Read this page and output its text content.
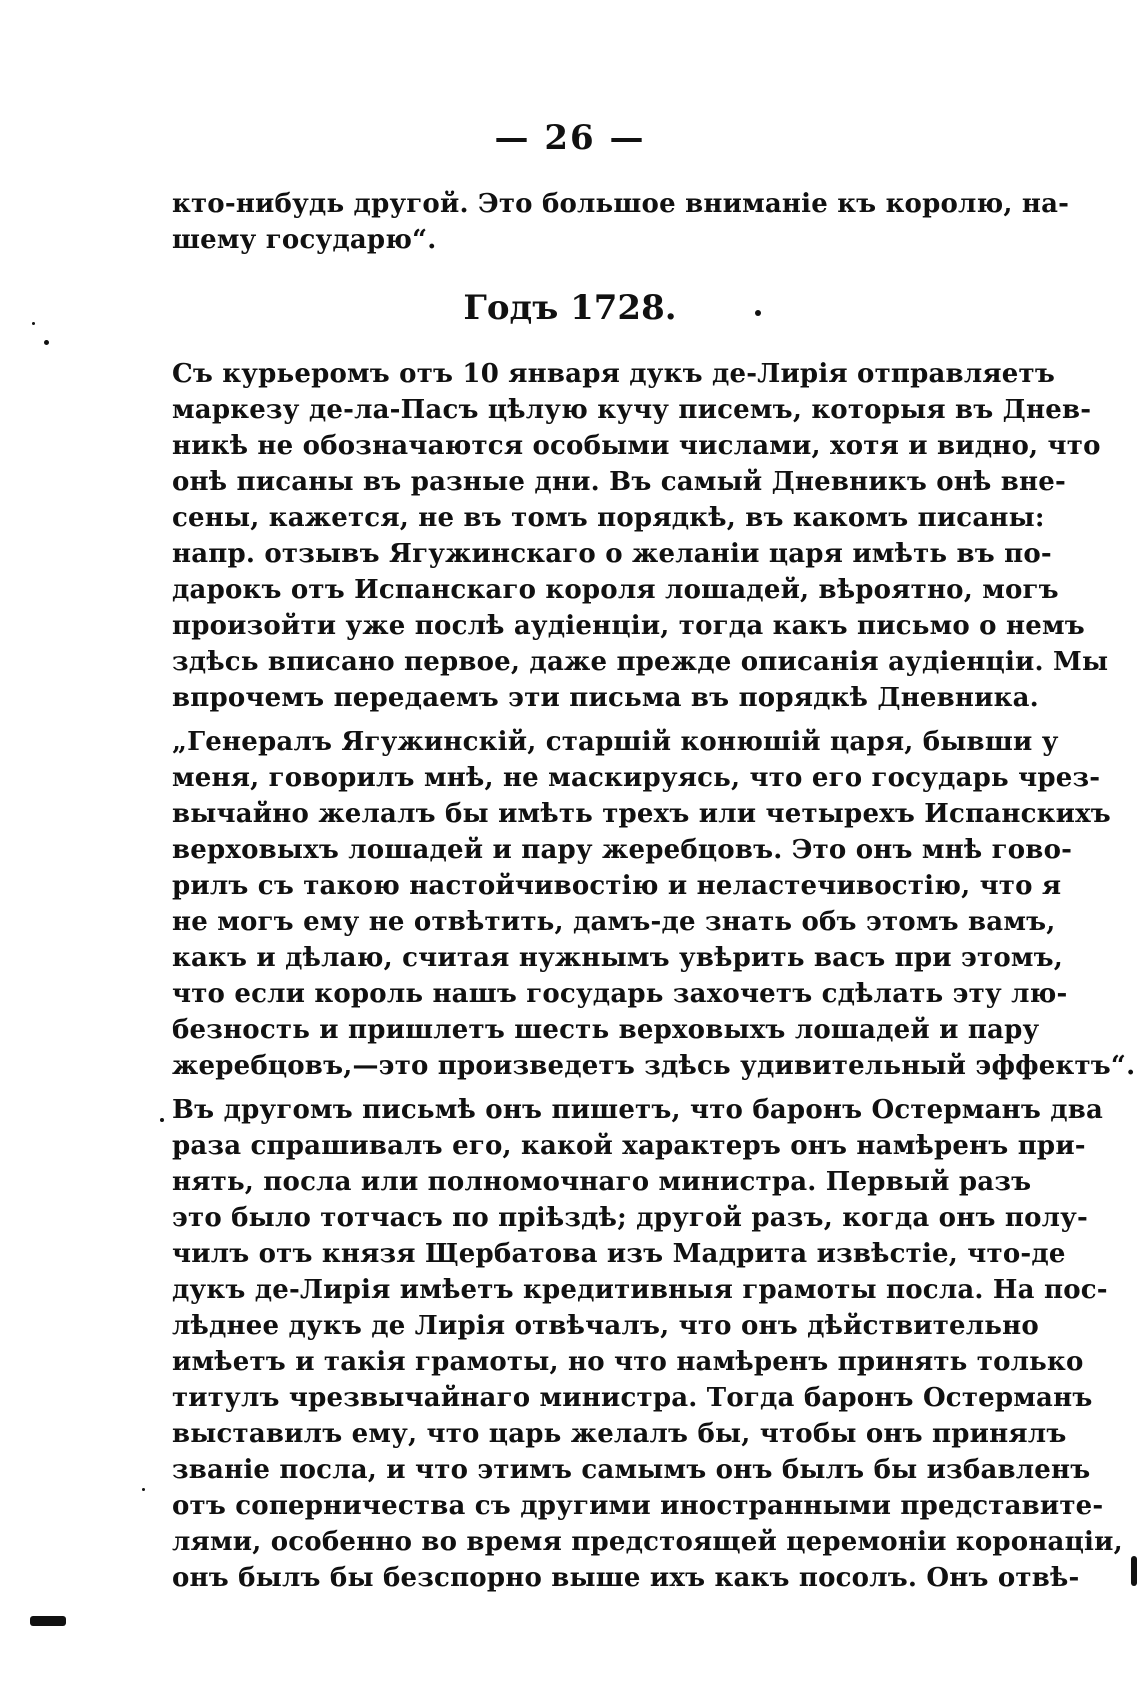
— 26 —
кто-нибудь другой. Это большое вниманіе къ королю, на-
шему государю“.
Годъ 1728.
Съ курьеромъ отъ 10 января дукъ де-Лирія отправляетъ
маркезу де-ла-Пасъ цѣлую кучу писемъ, которыя въ Днев-
никѣ не обозначаются особыми числами, хотя и видно, что
онѣ писаны въ разные дни. Въ самый Дневникъ онѣ вне-
сены, кажется, не въ томъ порядкѣ, въ какомъ писаны:
напр. отзывъ Ягужинскаго о желаніи царя имѣть въ по-
дарокъ отъ Испанскаго короля лошадей, вѣроятно, могъ
произойти уже послѣ аудіенціи, тогда какъ письмо о немъ
здѣсь вписано первое, даже прежде описанія аудіенціи. Мы
впрочемъ передаемъ эти письма въ порядкѣ Дневника.
„Генералъ Ягужинскій, старшій конюшій царя, бывши у
меня, говорилъ мнѣ, не маскируясь, что его государь чрез-
вычайно желалъ бы имѣть трехъ или четырехъ Испанскихъ
верховыхъ лошадей и пару жеребцовъ. Это онъ мнѣ гово-
рилъ съ такою настойчивостію и неластечивостію, что я
не могъ ему не отвѣтить, дамъ-де знать объ этомъ вамъ,
какъ и дѣлаю, считая нужнымъ увѣрить васъ при этомъ,
что если король нашъ государь захочетъ сдѣлать эту лю-
безность и пришлетъ шесть верховыхъ лошадей и пару
жеребцовъ,—это произведетъ здѣсь удивительный эффектъ“.
Въ другомъ письмѣ онъ пишетъ, что баронъ Остерманъ два
раза спрашивалъ его, какой характеръ онъ намѣренъ при-
нять, посла или полномочнаго министра. Первый разъ
это было тотчасъ по пріѣздѣ; другой разъ, когда онъ полу-
чилъ отъ князя Щербатова изъ Мадрита извѣстіе, что-де
дукъ де-Лирія имѣетъ кредитивныя грамоты посла. На пос-
лѣднее дукъ де Лирія отвѣчалъ, что онъ дѣйствительно
имѣетъ и такія грамоты, но что намѣренъ принять только
титулъ чрезвычайнаго министра. Тогда баронъ Остерманъ
выставилъ ему, что царь желалъ бы, чтобы онъ принялъ
званіе посла, и что этимъ самымъ онъ былъ бы избавленъ
отъ соперничества съ другими иностранными представите-
лями, особенно во время предстоящей церемоніи коронаціи,
онъ былъ бы безспорно выше ихъ какъ посолъ. Онъ отвѣ-
